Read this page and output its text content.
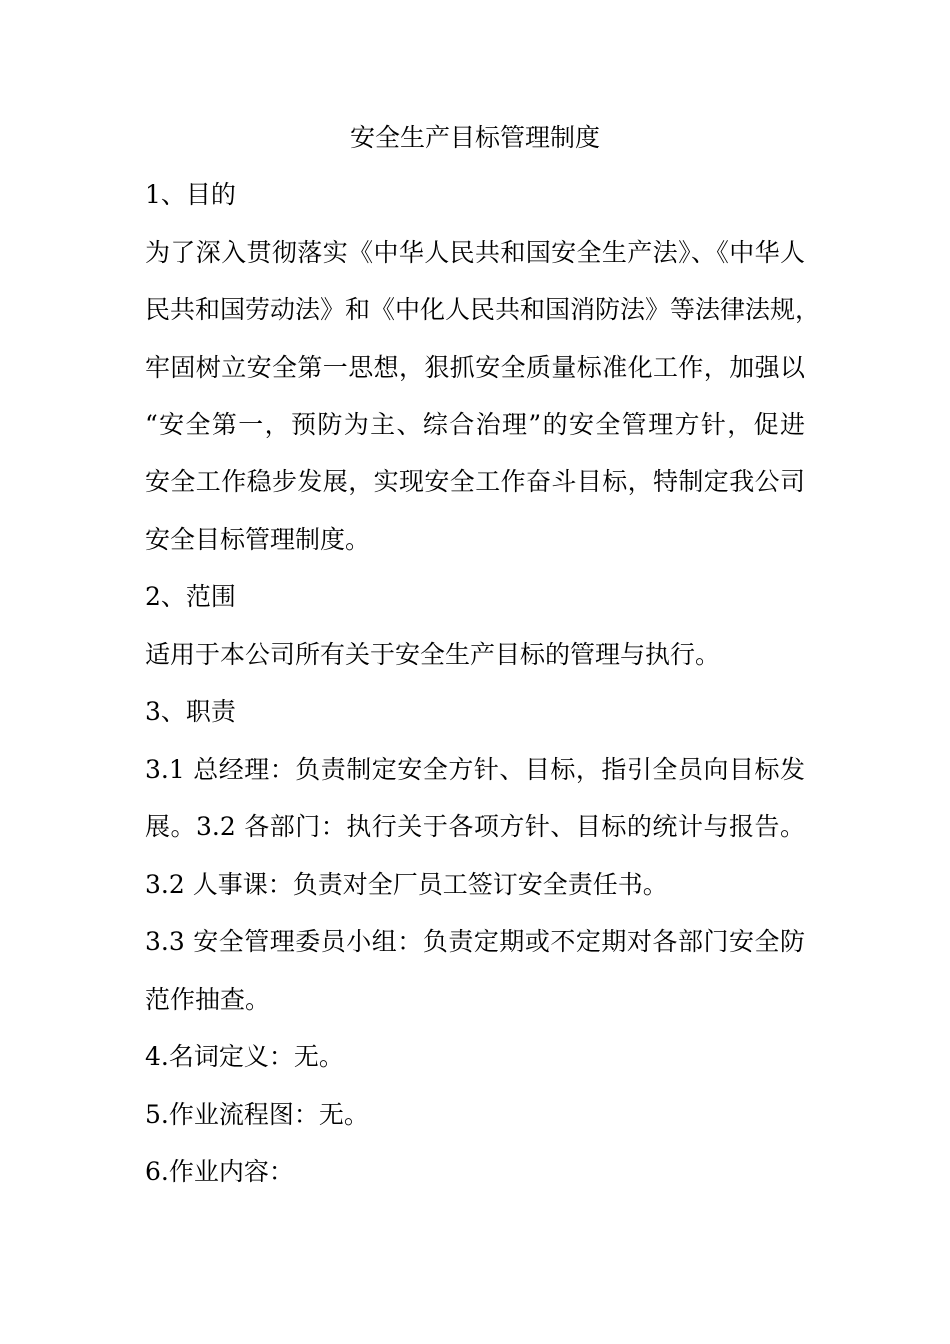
安全生产目标管理制度
1、目的
为了深入贯彻落实《中华人民共和国安全生产法》、《中华人
民共和国劳动法》和《中化人民共和国消防法》等法律法规，
牢固树立安全第一思想，狠抓安全质量标准化工作，加强以
“安全第一，预防为主、综合治理”的安全管理方针，促进
安全工作稳步发展，实现安全工作奋斗目标，特制定我公司
安全目标管理制度。
2、范围
适用于本公司所有关于安全生产目标的管理与执行。
3、职责
3.1 总经理：负责制定安全方针、目标，指引全员向目标发
展。3.2 各部门：执行关于各项方针、目标的统计与报告。
3.2 人事课：负责对全厂员工签订安全责任书。
3.3 安全管理委员小组：负责定期或不定期对各部门安全防
范作抽查。
4.名词定义：无。
5.作业流程图：无。
6.作业内容：
